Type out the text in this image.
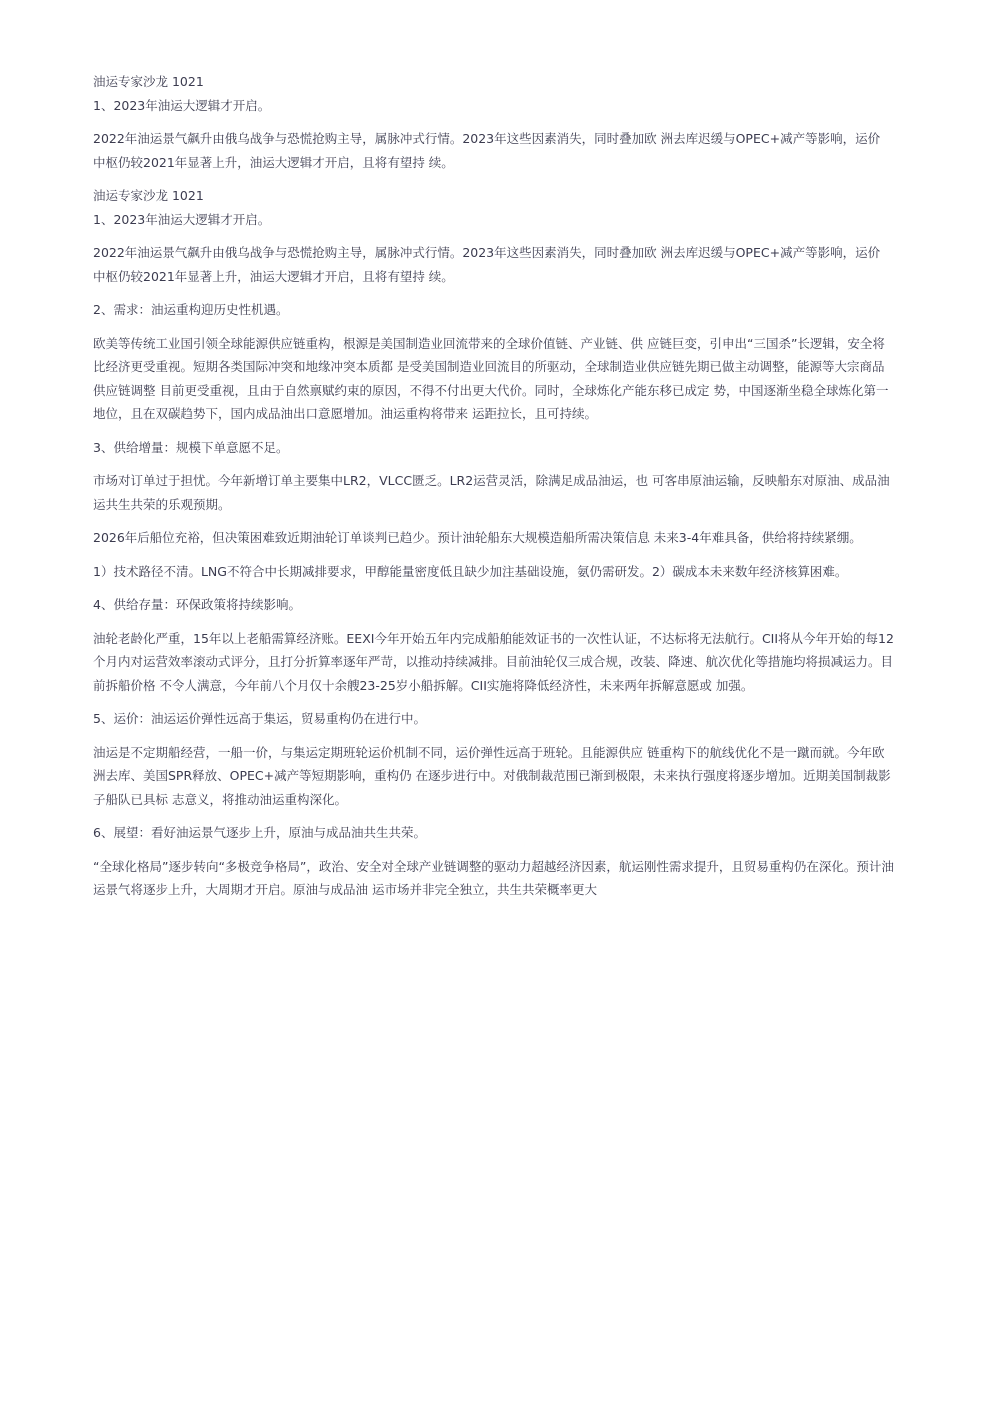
油运专家沙龙 1021
1、2023年油运大逻辑才开启。
2022年油运景气飙升由俄乌战争与恐慌抢购主导，属脉冲式行情。2023年这些因素消失，同时叠加欧 洲去库迟缓与OPEC+减产等影响，运价
中枢仍较2021年显著上升，油运大逻辑才开启，且将有望持 续。
油运专家沙龙 1021
1、2023年油运大逻辑才开启。
2022年油运景气飙升由俄乌战争与恐慌抢购主导，属脉冲式行情。2023年这些因素消失，同时叠加欧 洲去库迟缓与OPEC+减产等影响，运价
中枢仍较2021年显著上升，油运大逻辑才开启，且将有望持 续。
2、需求：油运重构迎历史性机遇。
欧美等传统工业国引领全球能源供应链重构，根源是美国制造业回流带来的全球价值链、产业链、供 应链巨变，引申出“三国杀”长逻辑，安全将
比经济更受重视。短期各类国际冲突和地缘冲突本质都 是受美国制造业回流目的所驱动，全球制造业供应链先期已做主动调整，能源等大宗商品
供应链调整 目前更受重视，且由于自然禀赋约束的原因，不得不付出更大代价。同时，全球炼化产能东移已成定 势，中国逐渐坐稳全球炼化第一
地位，且在双碳趋势下，国内成品油出口意愿增加。油运重构将带来 运距拉长，且可持续。
3、供给增量：规模下单意愿不足。
市场对订单过于担忧。今年新增订单主要集中LR2，VLCC匮乏。LR2运营灵活，除满足成品油运，也 可客串原油运输，反映船东对原油、成品油
运共生共荣的乐观预期。
2026年后船位充裕，但决策困难致近期油轮订单谈判已趋少。预计油轮船东大规模造船所需决策信息 未来3-4年难具备，供给将持续紧绷。
1）技术路径不清。LNG不符合中长期减排要求，甲醇能量密度低且缺少加注基础设施，氨仍需研发。2）碳成本未来数年经济核算困难。
4、供给存量：环保政策将持续影响。
油轮老龄化严重，15年以上老船需算经济账。EEXI今年开始五年内完成船舶能效证书的一次性认证，不达标将无法航行。CII将从今年开始的每12
个月内对运营效率滚动式评分，且打分折算率逐年严苛，以推动持续减排。目前油轮仅三成合规，改装、降速、航次优化等措施均将损减运力。目
前拆船价格 不令人满意，今年前八个月仅十余艘23-25岁小船拆解。CII实施将降低经济性，未来两年拆解意愿或 加强。
5、运价：油运运价弹性远高于集运，贸易重构仍在进行中。
油运是不定期船经营，一船一价，与集运定期班轮运价机制不同，运价弹性远高于班轮。且能源供应 链重构下的航线优化不是一蹴而就。今年欧
洲去库、美国SPR释放、OPEC+减产等短期影响，重构仍 在逐步进行中。对俄制裁范围已渐到极限，未来执行强度将逐步增加。近期美国制裁影
子船队已具标 志意义，将推动油运重构深化。
6、展望：看好油运景气逐步上升，原油与成品油共生共荣。
“全球化格局”逐步转向“多极竞争格局”，政治、安全对全球产业链调整的驱动力超越经济因素，航运刚性需求提升，且贸易重构仍在深化。预计油
运景气将逐步上升，大周期才开启。原油与成品油 运市场并非完全独立，共生共荣概率更大
